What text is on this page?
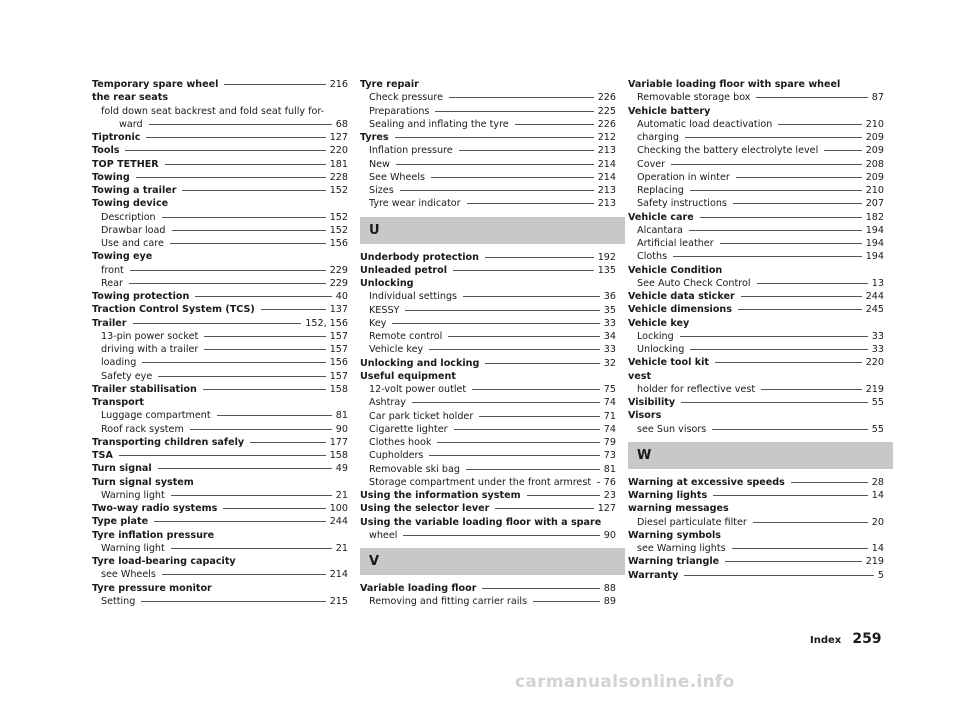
Temporary spare wheel	216
the rear seats
fold down seat backrest and fold seat fully for-
ward	68
Tiptronic	127
Tools	220
TOP TETHER	181
Towing	228
Towing a trailer	152
Towing device
Description	152
Drawbar load	152
Use and care	156
Towing eye
front	229
Rear	229
Towing protection	40
Traction Control System (TCS)	137
Trailer	152, 156
13-pin power socket	157
driving with a trailer	157
loading	156
Safety eye	157
Trailer stabilisation	158
Transport
Luggage compartment	81
Roof rack system	90
Transporting children safely	177
TSA	158
Turn signal	49
Turn signal system
Warning light	21
Two-way radio systems	100
Type plate	244
Tyre inflation pressure
Warning light	21
Tyre load-bearing capacity
see Wheels	214
Tyre pressure monitor
Setting	215
Tyre repair
Check pressure	226
Preparations	225
Sealing and inflating the tyre	226
Tyres	212
Inflation pressure	213
New	214
See Wheels	214
Sizes	213
Tyre wear indicator	213
U
Underbody protection	192
Unleaded petrol	135
Unlocking
Individual settings	36
KESSY	35
Key	33
Remote control	34
Vehicle key	33
Unlocking and locking	32
Useful equipment
12-volt power outlet	75
Ashtray	74
Car park ticket holder	71
Cigarette lighter	74
Clothes hook	79
Cupholders	73
Removable ski bag	81
Storage compartment under the front armrest 76
Using the information system	23
Using the selector lever	127
Using the variable loading floor with a spare
wheel	90
V
Variable loading floor	88
Removing and fitting carrier rails	89
Variable loading floor with spare wheel
Removable storage box	87
Vehicle battery
Automatic load deactivation	210
charging	209
Checking the battery electrolyte level	209
Cover	208
Operation in winter	209
Replacing	210
Safety instructions	207
Vehicle care	182
Alcantara	194
Artificial leather	194
Cloths	194
Vehicle Condition
See Auto Check Control	13
Vehicle data sticker	244
Vehicle dimensions	245
Vehicle key
Locking	33
Unlocking	33
Vehicle tool kit	220
vest
holder for reflective vest	219
Visibility	55
Visors
see Sun visors	55
W
Warning at excessive speeds	28
Warning lights	14
warning messages
Diesel particulate filter	20
Warning symbols
see Warning lights	14
Warning triangle	219
Warranty	5
Index 259
carmanualsonline.info
